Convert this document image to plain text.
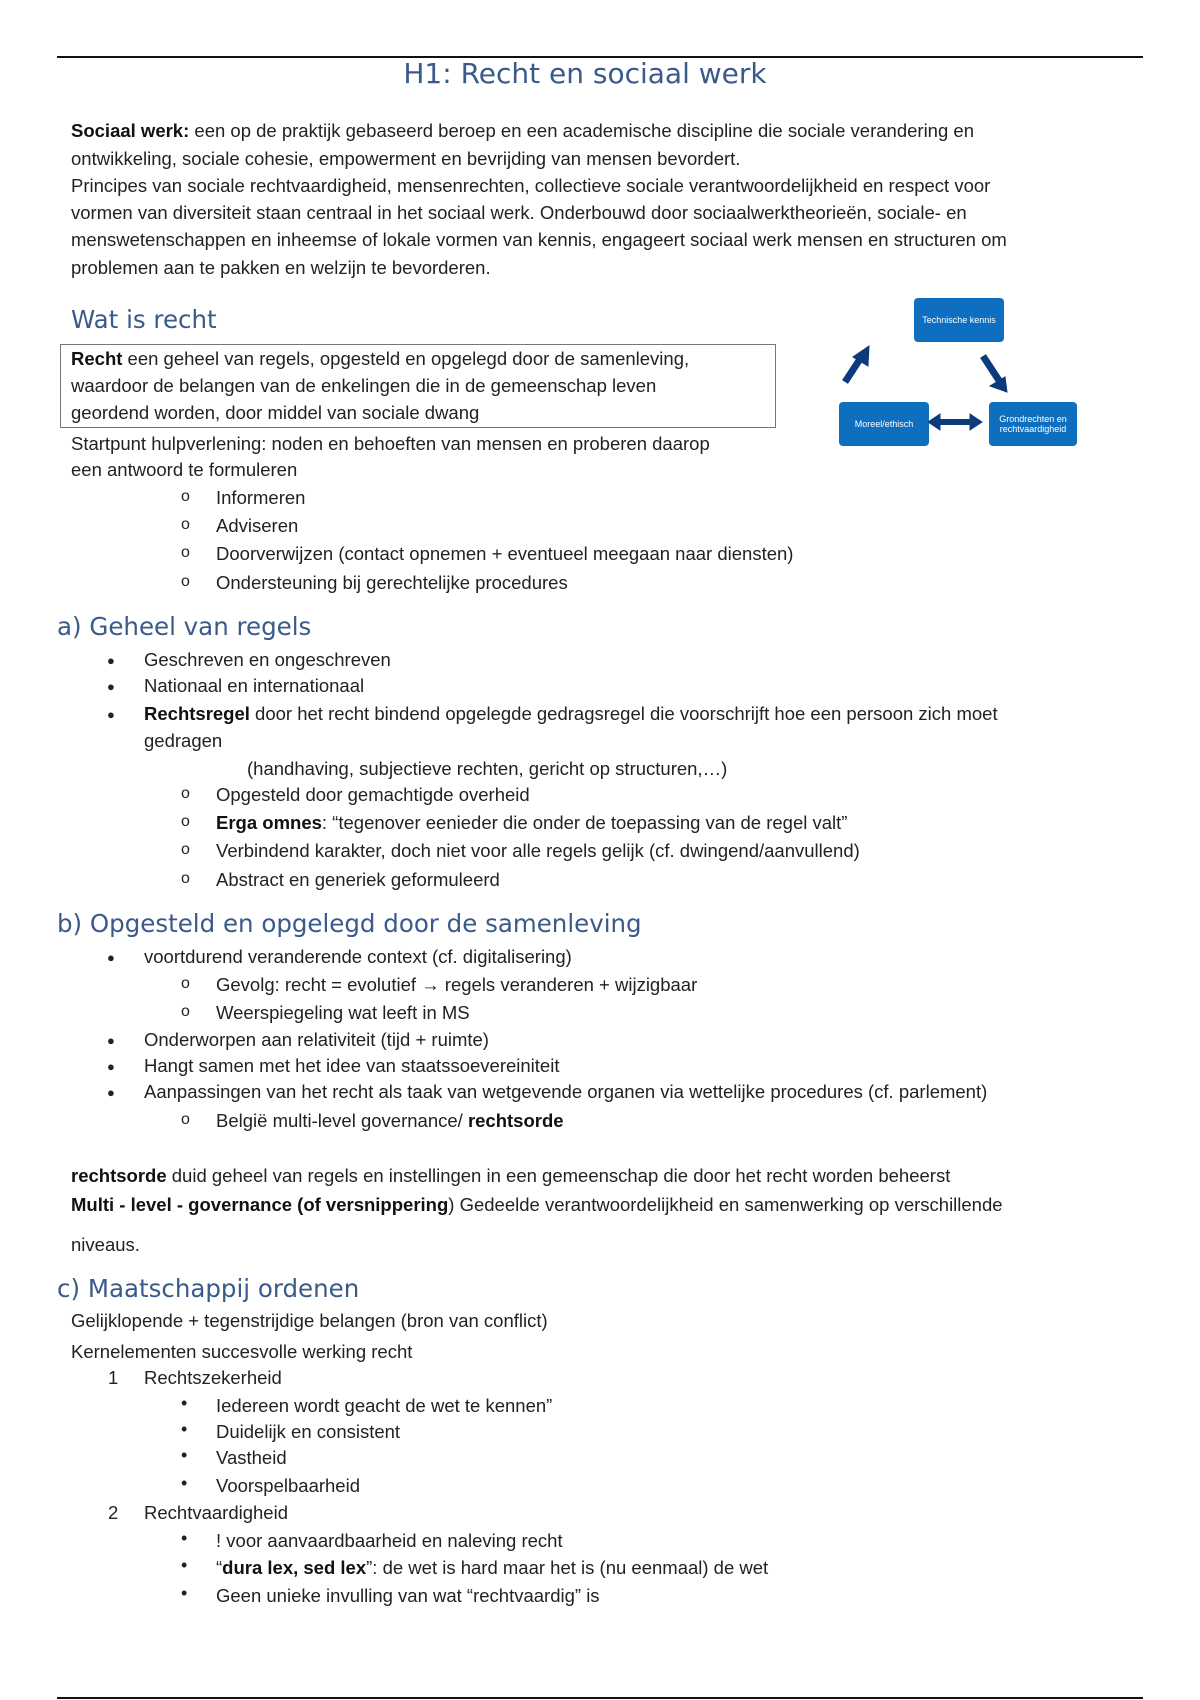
H1: Recht en sociaal werk
Sociaal werk: een op de praktijk gebaseerd beroep en een academische discipline die sociale verandering en
ontwikkeling, sociale cohesie, empowerment en bevrijding van mensen bevordert.
Principes van sociale rechtvaardigheid, mensenrechten, collectieve sociale verantwoordelijkheid en respect voor
vormen van diversiteit staan centraal in het sociaal werk. Onderbouwd door sociaalwerktheorieën, sociale- en
menswetenschappen en inheemse of lokale vormen van kennis, engageert sociaal werk mensen en structuren om
problemen aan te pakken en welzijn te bevorderen.
Wat is recht
Recht een geheel van regels, opgesteld en opgelegd door de samenleving,
waardoor de belangen van de enkelingen die in de gemeenschap leven
geordend worden, door middel van sociale dwang
Startpunt hulpverlening: noden en behoeften van mensen en proberen daarop
een antwoord te formuleren
Informeren
Adviseren
Doorverwijzen (contact opnemen + eventueel meegaan naar diensten)
Ondersteuning bij gerechtelijke procedures
Technische kennis
Moreel/ethisch	Grondrechten en rechtvaardigheid
a) Geheel van regels
Geschreven en ongeschreven
Nationaal en internationaal
Rechtsregel door het recht bindend opgelegde gedragsregel die voorschrijft hoe een persoon zich moet
gedragen
(handhaving, subjectieve rechten, gericht op structuren,…)
Opgesteld door gemachtigde overheid
Erga omnes: “tegenover eenieder die onder de toepassing van de regel valt”
Verbindend karakter, doch niet voor alle regels gelijk (cf. dwingend/aanvullend)
Abstract en generiek geformuleerd
b) Opgesteld en opgelegd door de samenleving
voortdurend veranderende context (cf. digitalisering)
Gevolg: recht = evolutief → regels veranderen + wijzigbaar
Weerspiegeling wat leeft in MS
Onderworpen aan relativiteit (tijd + ruimte)
Hangt samen met het idee van staatssoevereiniteit
Aanpassingen van het recht als taak van wetgevende organen via wettelijke procedures (cf. parlement)
België multi-level governance/ rechtsorde
rechtsorde duid geheel van regels en instellingen in een gemeenschap die door het recht worden beheerst
Multi - level - governance (of versnippering) Gedeelde verantwoordelijkheid en samenwerking op verschillende
niveaus.
c) Maatschappij ordenen
Gelijklopende + tegenstrijdige belangen (bron van conflict)
Kernelementen succesvolle werking recht
1 Rechtszekerheid
Iedereen wordt geacht de wet te kennen”
Duidelijk en consistent
Vastheid
Voorspelbaarheid
2 Rechtvaardigheid
! voor aanvaardbaarheid en naleving recht
“dura lex, sed lex”: de wet is hard maar het is (nu eenmaal) de wet
Geen unieke invulling van wat “rechtvaardig” is
